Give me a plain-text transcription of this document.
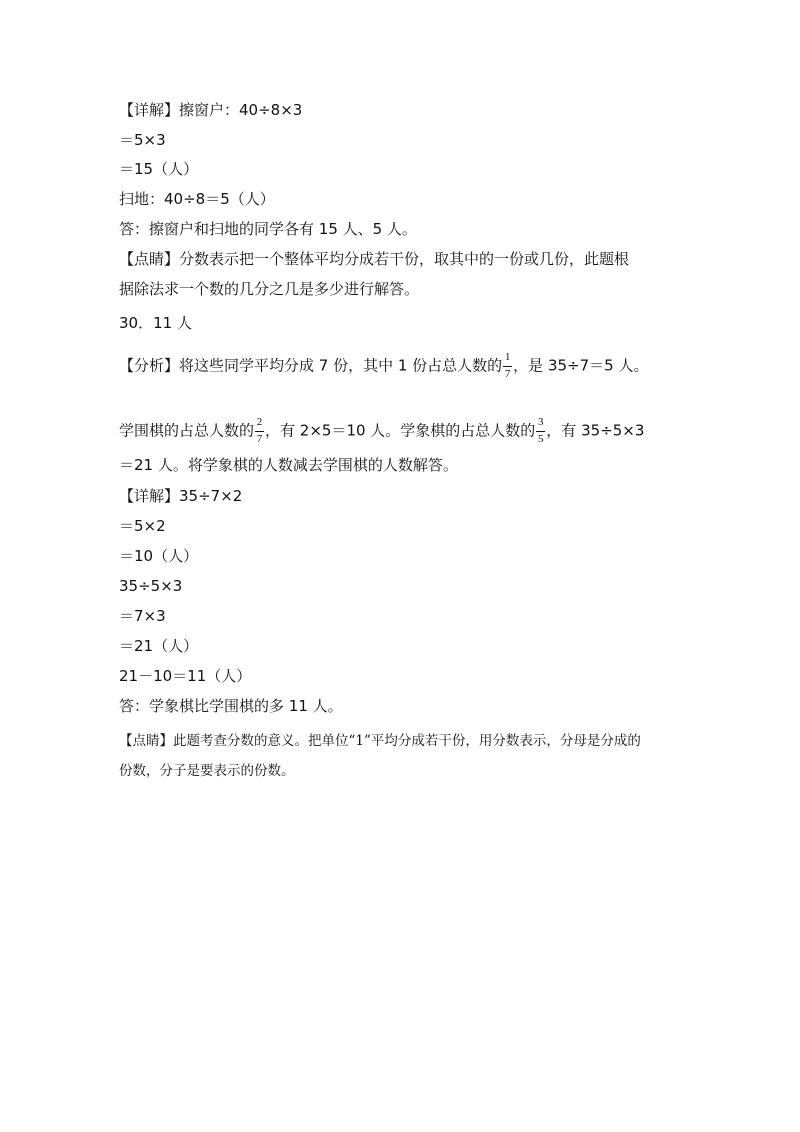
【详解】擦窗户：40÷8×3
＝5×3
＝15（人）
扫地：40÷8＝5（人）
答：擦窗户和扫地的同学各有 15 人、5 人。
【点睛】分数表示把一个整体平均分成若干份，取其中的一份或几份，此题根
据除法求一个数的几分之几是多少进行解答。
30．11 人
【分析】将这些同学平均分成 7 份，其中 1 份占总人数的 $\frac{1}{7}$ ，是 35÷7＝5 人。
学围棋的占总人数的 $\frac{2}{7}$ ，有 2×5＝10 人。学象棋的占总人数的 $\frac{3}{5}$ ，有 35÷5×3
＝21 人。将学象棋的人数减去学围棋的人数解答。
【详解】35÷7×2
＝5×2
＝10（人）
35÷5×3
＝7×3
＝21（人）
21－10＝11（人）
答：学象棋比学围棋的多 11 人。
【点睛】此题考查分数的意义。把单位“1”平均分成若干份，用分数表示，分母是分成的
份数，分子是要表示的份数。
